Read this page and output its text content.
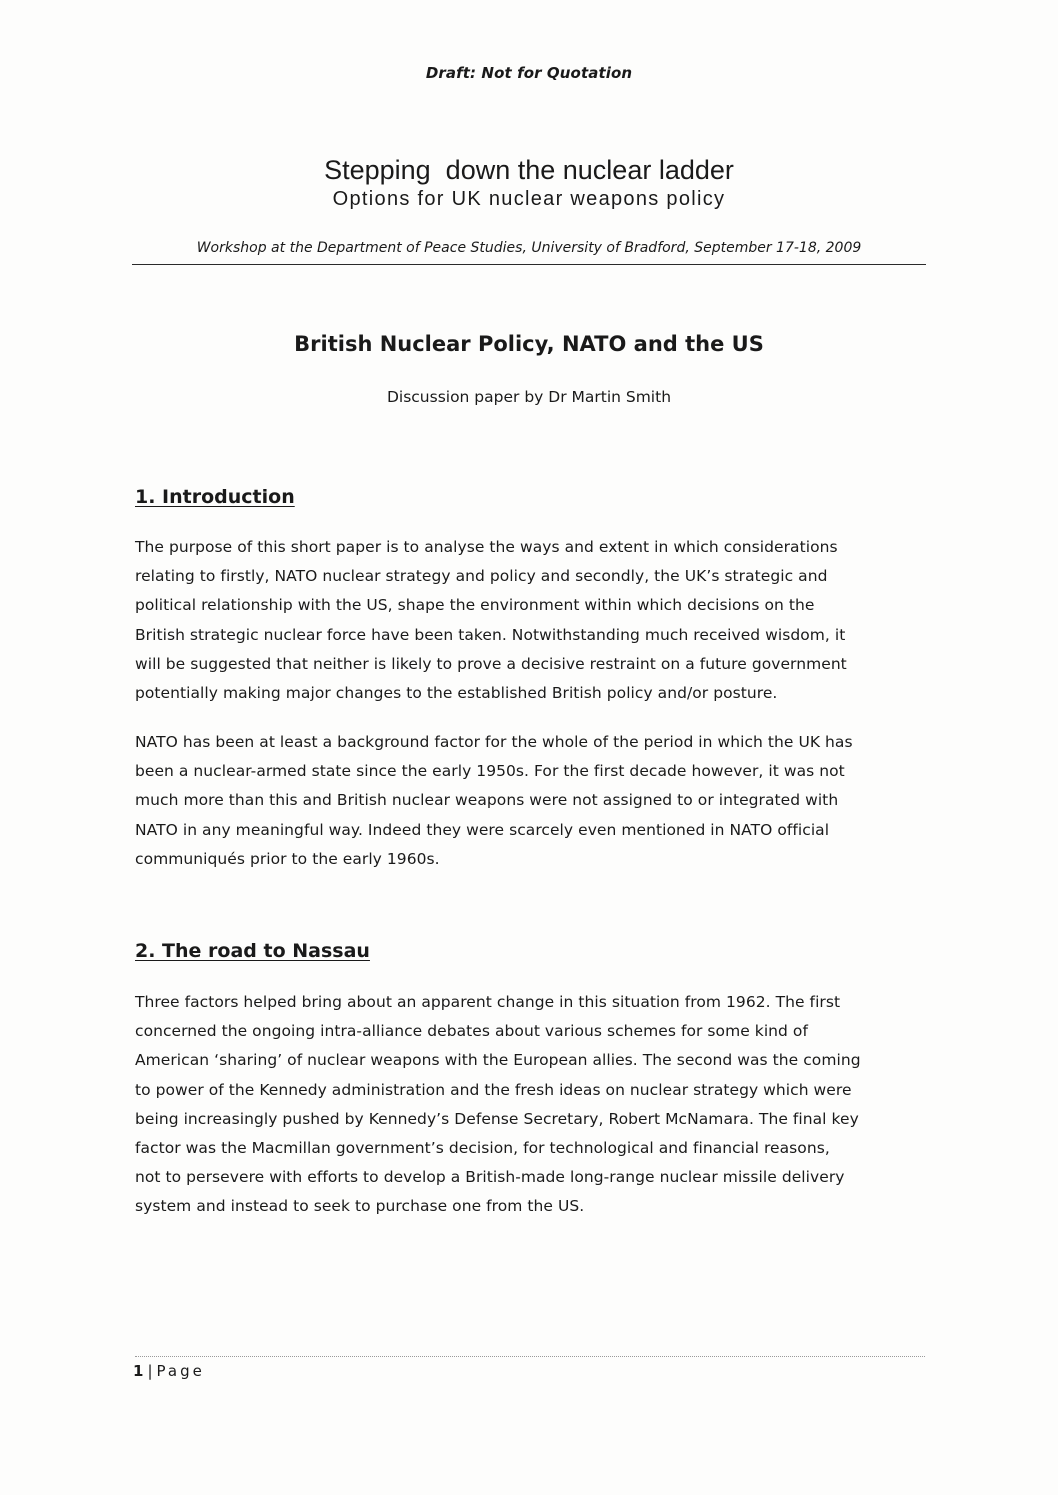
Draft: Not for Quotation
Stepping  down the nuclear ladder
Options for UK nuclear weapons policy
Workshop at the Department of Peace Studies, University of Bradford, September 17-18, 2009
British Nuclear Policy, NATO and the US
Discussion paper by Dr Martin Smith
1. Introduction
The purpose of this short paper is to analyse the ways and extent in which considerations
relating to firstly, NATO nuclear strategy and policy and secondly, the UK’s strategic and
political relationship with the US, shape the environment within which decisions on the
British strategic nuclear force have been taken. Notwithstanding much received wisdom, it
will be suggested that neither is likely to prove a decisive restraint on a future government
potentially making major changes to the established British policy and/or posture.
NATO has been at least a background factor for the whole of the period in which the UK has
been a nuclear-armed state since the early 1950s. For the first decade however, it was not
much more than this and British nuclear weapons were not assigned to or integrated with
NATO in any meaningful way. Indeed they were scarcely even mentioned in NATO official
communiqués prior to the early 1960s.
2. The road to Nassau
Three factors helped bring about an apparent change in this situation from 1962. The first
concerned the ongoing intra-alliance debates about various schemes for some kind of
American ‘sharing’ of nuclear weapons with the European allies. The second was the coming
to power of the Kennedy administration and the fresh ideas on nuclear strategy which were
being increasingly pushed by Kennedy’s Defense Secretary, Robert McNamara. The final key
factor was the Macmillan government’s decision, for technological and financial reasons,
not to persevere with efforts to develop a British-made long-range nuclear missile delivery
system and instead to seek to purchase one from the US.
1 | Page
